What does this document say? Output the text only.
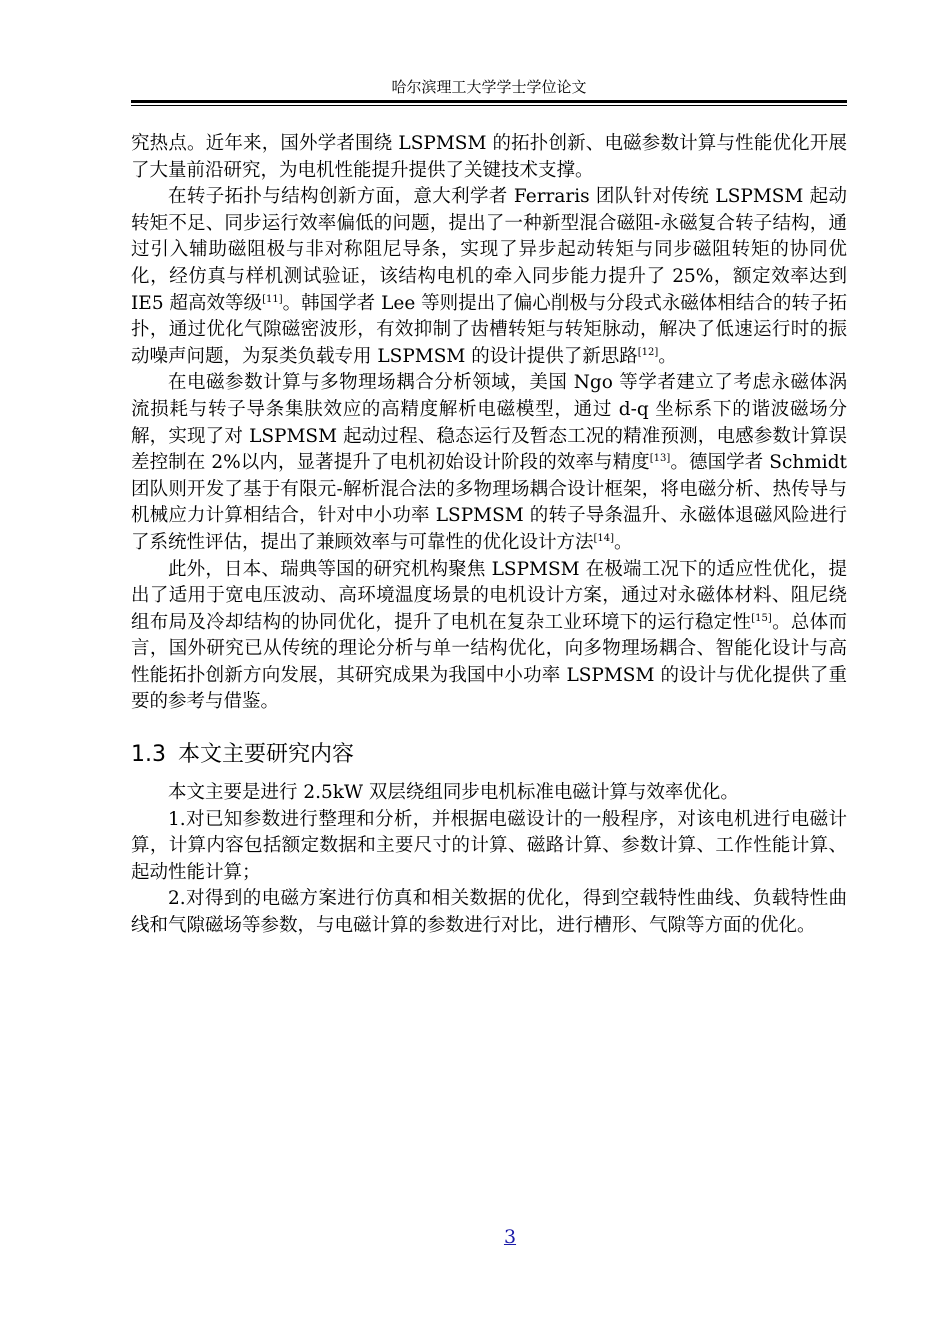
哈尔滨理工大学学士学位论文

究热点。近年来，国外学者围绕 LSPMSM 的拓扑创新、电磁参数计算与性能优化开展了大量前沿研究，为电机性能提升提供了关键技术支撑。

在转子拓扑与结构创新方面，意大利学者 Ferraris 团队针对传统 LSPMSM 起动转矩不足、同步运行效率偏低的问题，提出了一种新型混合磁阻-永磁复合转子结构，通过引入辅助磁阻极与非对称阻尼导条，实现了异步起动转矩与同步磁阻转矩的协同优化，经仿真与样机测试验证，该结构电机的牵入同步能力提升了 25%，额定效率达到 IE5 超高效等级[11]。韩国学者 Lee 等则提出了偏心削极与分段式永磁体相结合的转子拓扑，通过优化气隙磁密波形，有效抑制了齿槽转矩与转矩脉动，解决了低速运行时的振动噪声问题，为泵类负载专用 LSPMSM 的设计提供了新思路[12]。

在电磁参数计算与多物理场耦合分析领域，美国 Ngo 等学者建立了考虑永磁体涡流损耗与转子导条集肤效应的高精度解析电磁模型，通过 d-q 坐标系下的谐波磁场分解，实现了对 LSPMSM 起动过程、稳态运行及暂态工况的精准预测，电感参数计算误差控制在 2%以内，显著提升了电机初始设计阶段的效率与精度[13]。德国学者 Schmidt 团队则开发了基于有限元-解析混合法的多物理场耦合设计框架，将电磁分析、热传导与机械应力计算相结合，针对中小功率 LSPMSM 的转子导条温升、永磁体退磁风险进行了系统性评估，提出了兼顾效率与可靠性的优化设计方法[14]。

此外，日本、瑞典等国的研究机构聚焦 LSPMSM 在极端工况下的适应性优化，提出了适用于宽电压波动、高环境温度场景的电机设计方案，通过对永磁体材料、阻尼绕组布局及冷却结构的协同优化，提升了电机在复杂工业环境下的运行稳定性[15]。总体而言，国外研究已从传统的理论分析与单一结构优化，向多物理场耦合、智能化设计与高性能拓扑创新方向发展，其研究成果为我国中小功率 LSPMSM 的设计与优化提供了重要的参考与借鉴。

1.3 本文主要研究内容

本文主要是进行 2.5kW 双层绕组同步电机标准电磁计算与效率优化。

1.对已知参数进行整理和分析，并根据电磁设计的一般程序，对该电机进行电磁计算，计算内容包括额定数据和主要尺寸的计算、磁路计算、参数计算、工作性能计算、起动性能计算；

2.对得到的电磁方案进行仿真和相关数据的优化，得到空载特性曲线、负载特性曲线和气隙磁场等参数，与电磁计算的参数进行对比，进行槽形、气隙等方面的优化。

3
